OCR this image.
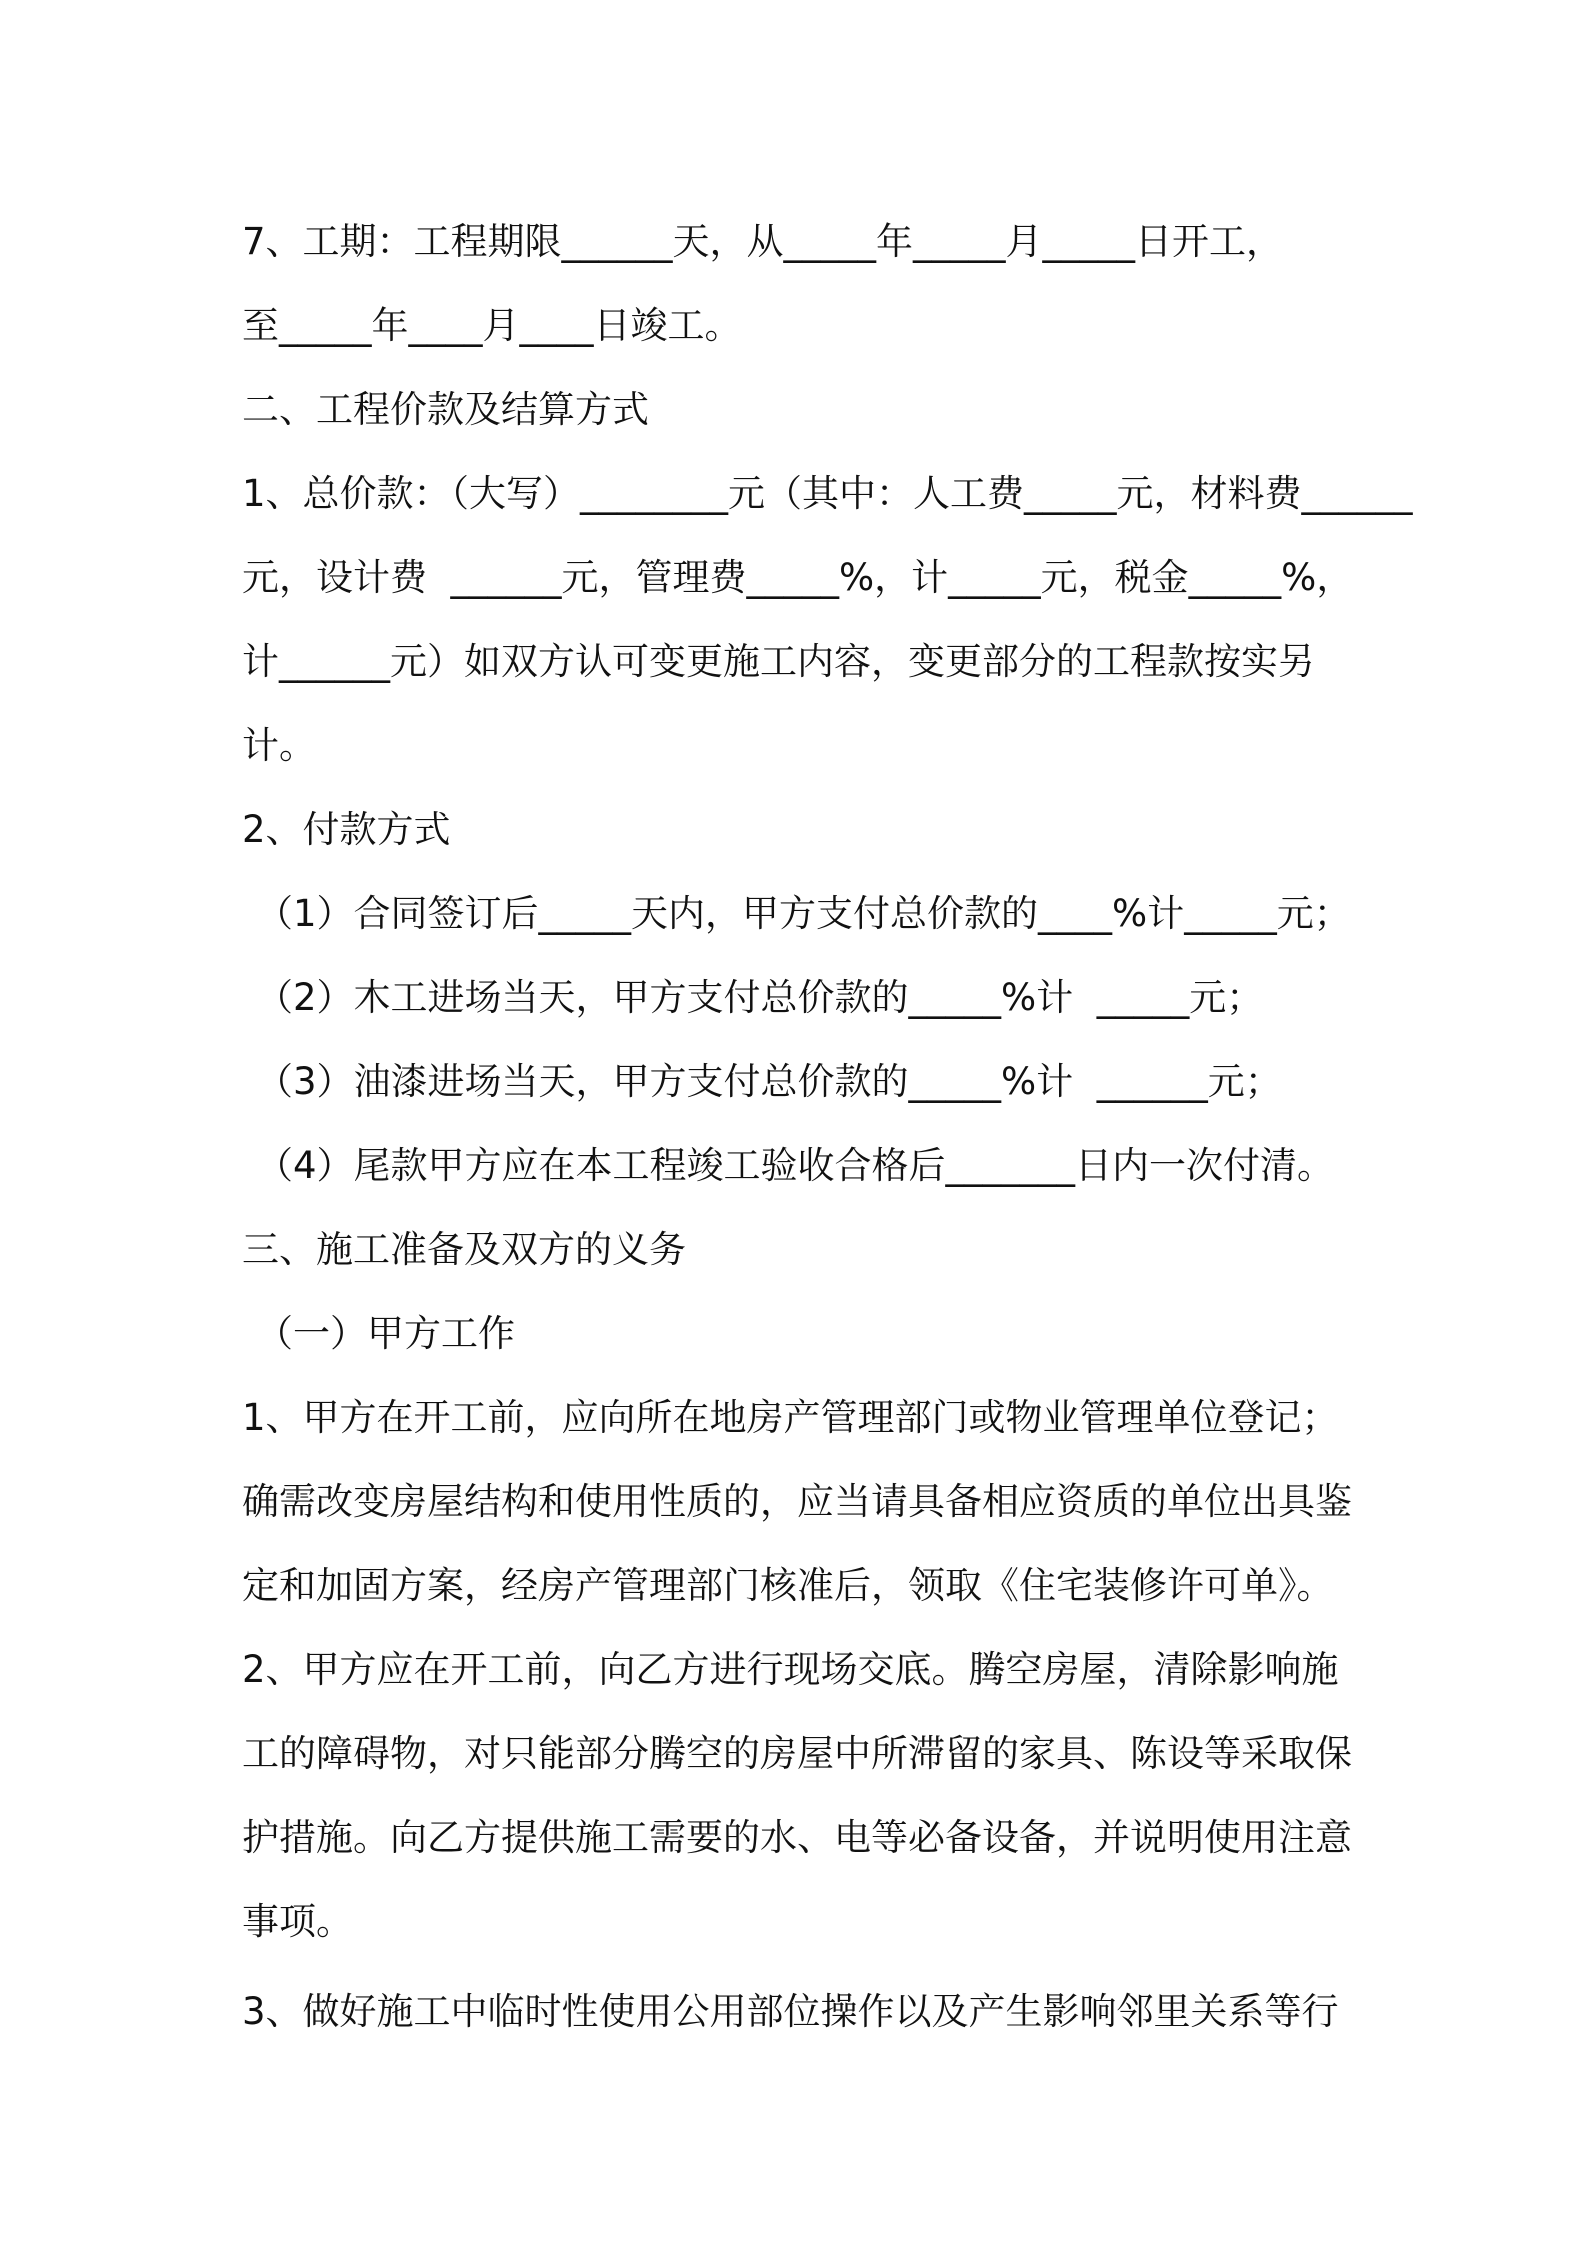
7、工期：工程期限______天，从_____年_____月_____日开工，
至_____年____月____日竣工。
二、工程价款及结算方式
1、总价款：（大写）________元（其中：人工费_____元，材料费______
元，设计费  ______元，管理费_____%，计_____元，税金_____%，
计______元）如双方认可变更施工内容，变更部分的工程款按实另
计。
2、付款方式
（1）合同签订后_____天内，甲方支付总价款的____%计_____元；
（2）木工进场当天，甲方支付总价款的_____%计  _____元；
（3）油漆进场当天，甲方支付总价款的_____%计  ______元；
（4）尾款甲方应在本工程竣工验收合格后_______日内一次付清。
三、施工准备及双方的义务
（一）甲方工作
1、甲方在开工前，应向所在地房产管理部门或物业管理单位登记；
确需改变房屋结构和使用性质的，应当请具备相应资质的单位出具鉴
定和加固方案，经房产管理部门核准后，领取《住宅装修许可单》。
2、甲方应在开工前，向乙方进行现场交底。腾空房屋，清除影响施
工的障碍物，对只能部分腾空的房屋中所滞留的家具、陈设等采取保
护措施。向乙方提供施工需要的水、电等必备设备，并说明使用注意
事项。
3、做好施工中临时性使用公用部位操作以及产生影响邻里关系等行
